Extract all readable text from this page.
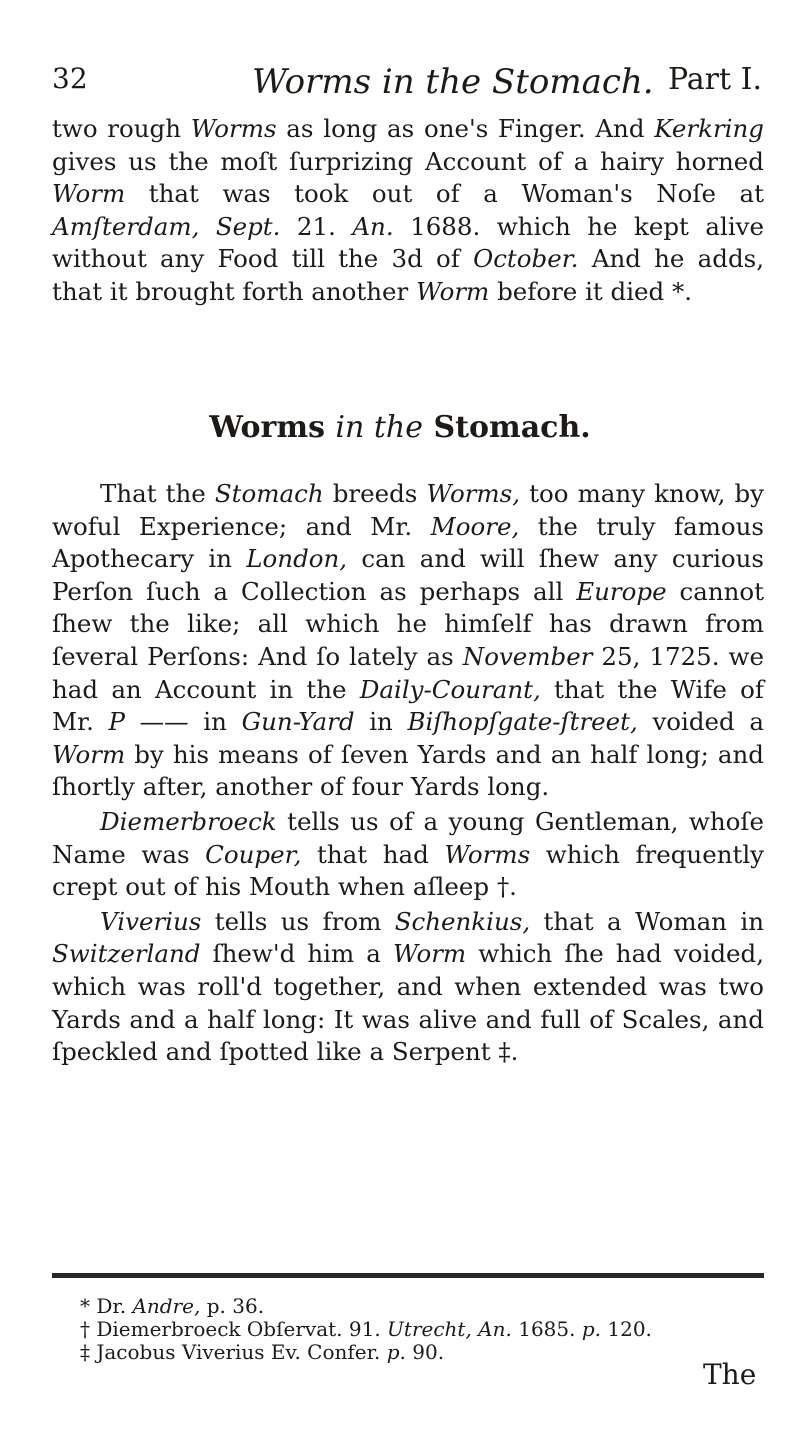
32	Worms in the Stomach. Part I.

two rough Worms as long as one's Finger. And Kerkring gives us the moſt ſurprizing Account of a hairy horned Worm that was took out of a Woman's Noſe at Amſterdam, Sept. 21. An. 1688. which he kept alive without any Food till the 3d of October. And he adds, that it brought forth another Worm before it died *.

Worms in the Stomach.

That the Stomach breeds Worms, too many know, by woful Experience; and Mr. Moore, the truly famous Apothecary in London, can and will ſhew any curious Perſon ſuch a Collection as perhaps all Europe cannot ſhew the like; all which he himſelf has drawn from ſeveral Perſons: And ſo lately as November 25, 1725. we had an Account in the Daily-Courant, that the Wife of Mr. P —— in Gun-Yard in Biſhopſgate-ſtreet, voided a Worm by his means of ſeven Yards and an half long; and ſhortly after, another of four Yards long.

Diemerbroeck tells us of a young Gentleman, whoſe Name was Couper, that had Worms which frequently crept out of his Mouth when aſleep †.

Viverius tells us from Schenkius, that a Woman in Switzerland ſhew'd him a Worm which ſhe had voided, which was roll'd together, and when extended was two Yards and a half long: It was alive and full of Scales, and ſpeckled and ſpotted like a Serpent ‡.

* Dr. Andre, p. 36.

† Diemerbroeck Obſervat. 91. Utrecht, An. 1685. p. 120.

‡ Jacobus Viverius Ev. Confer. p. 90.

The
